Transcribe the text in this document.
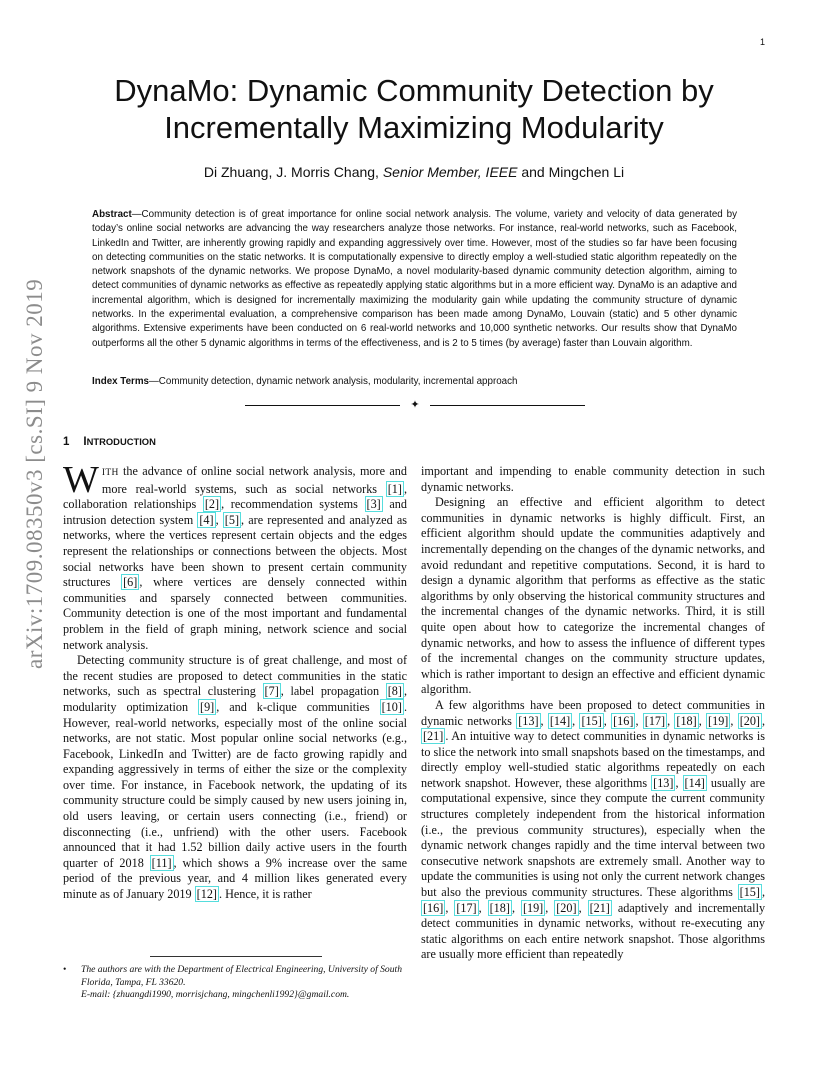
1
arXiv:1709.08350v3 [cs.SI] 9 Nov 2019
DynaMo: Dynamic Community Detection by Incrementally Maximizing Modularity
Di Zhuang, J. Morris Chang, Senior Member, IEEE and Mingchen Li
Abstract—Community detection is of great importance for online social network analysis. The volume, variety and velocity of data generated by today’s online social networks are advancing the way researchers analyze those networks. For instance, real-world networks, such as Facebook, LinkedIn and Twitter, are inherently growing rapidly and expanding aggressively over time. However, most of the studies so far have been focusing on detecting communities on the static networks. It is computationally expensive to directly employ a well-studied static algorithm repeatedly on the network snapshots of the dynamic networks. We propose DynaMo, a novel modularity-based dynamic community detection algorithm, aiming to detect communities of dynamic networks as effective as repeatedly applying static algorithms but in a more efficient way. DynaMo is an adaptive and incremental algorithm, which is designed for incrementally maximizing the modularity gain while updating the community structure of dynamic networks. In the experimental evaluation, a comprehensive comparison has been made among DynaMo, Louvain (static) and 5 other dynamic algorithms. Extensive experiments have been conducted on 6 real-world networks and 10,000 synthetic networks. Our results show that DynaMo outperforms all the other 5 dynamic algorithms in terms of the effectiveness, and is 2 to 5 times (by average) faster than Louvain algorithm.
Index Terms—Community detection, dynamic network analysis, modularity, incremental approach
✦
1 INTRODUCTION

WITH the advance of online social network analysis, more and more real-world systems, such as social networks [1] , collaboration relationships [2] , recommendation systems [3] and intrusion detection system [4] , [5] , are represented and analyzed as networks, where the vertices represent certain objects and the edges represent the relationships or connections between the objects. Most social networks have been shown to present certain community structures [6] , where vertices are densely connected within communities and sparsely connected between communities. Community detection is one of the most important and fundamental problem in the field of graph mining, network science and social network analysis.

Detecting community structure is of great challenge, and most of the recent studies are proposed to detect communities in the static networks, such as spectral clustering [7] , label propagation [8] , modularity optimization [9] , and k-clique communities [10] . However, real-world networks, especially most of the online social networks, are not static. Most popular online social networks (e.g., Facebook, LinkedIn and Twitter) are de facto growing rapidly and expanding aggressively in terms of either the size or the complexity over time. For instance, in Facebook network, the updating of its community structure could be simply caused by new users joining in, old users leaving, or certain users connecting (i.e., friend) or disconnecting (i.e., unfriend) with the other users. Facebook announced that it had 1.52 billion daily active users in the fourth quarter of 2018 [11] , which shows a 9% increase over the same period of the previous year, and 4 million likes generated every minute as of January 2019 [12] . Hence, it is rather

important and impending to enable community detection in such dynamic networks.

Designing an effective and efficient algorithm to detect communities in dynamic networks is highly difficult. First, an efficient algorithm should update the communities adaptively and incrementally depending on the changes of the dynamic networks, and avoid redundant and repetitive computations. Second, it is hard to design a dynamic algorithm that performs as effective as the static algorithms by only observing the historical community structures and the incremental changes of the dynamic networks. Third, it is still quite open about how to categorize the incremental changes of dynamic networks, and how to assess the influence of different types of the incremental changes on the community structure updates, which is rather important to design an effective and efficient dynamic algorithm.

A few algorithms have been proposed to detect communities in dynamic networks [13] , [14] , [15] , [16] , [17] , [18] , [19] , [20] , [21] . An intuitive way to detect communities in dynamic networks is to slice the network into small snapshots based on the timestamps, and directly employ well-studied static algorithms repeatedly on each network snapshot. However, these algorithms [13] , [14] usually are computational expensive, since they compute the current community structures completely independent from the historical information (i.e., the previous community structures), especially when the dynamic network changes rapidly and the time interval between two consecutive network snapshots are extremely small. Another way to update the communities is using not only the current network changes but also the previous community structures. These algorithms [15] , [16] , [17] , [18] , [19] , [20] , [21] adaptively and incrementally detect communities in dynamic networks, without re-executing any static algorithms on each entire network snapshot. Those algorithms are usually more efficient than repeatedly

• The authors are with the Department of Electrical Engineering, University of South Florida, Tampa, FL 33620.
E-mail: {zhuangdi1990, morrisjchang, mingchenli1992}@gmail.com.
